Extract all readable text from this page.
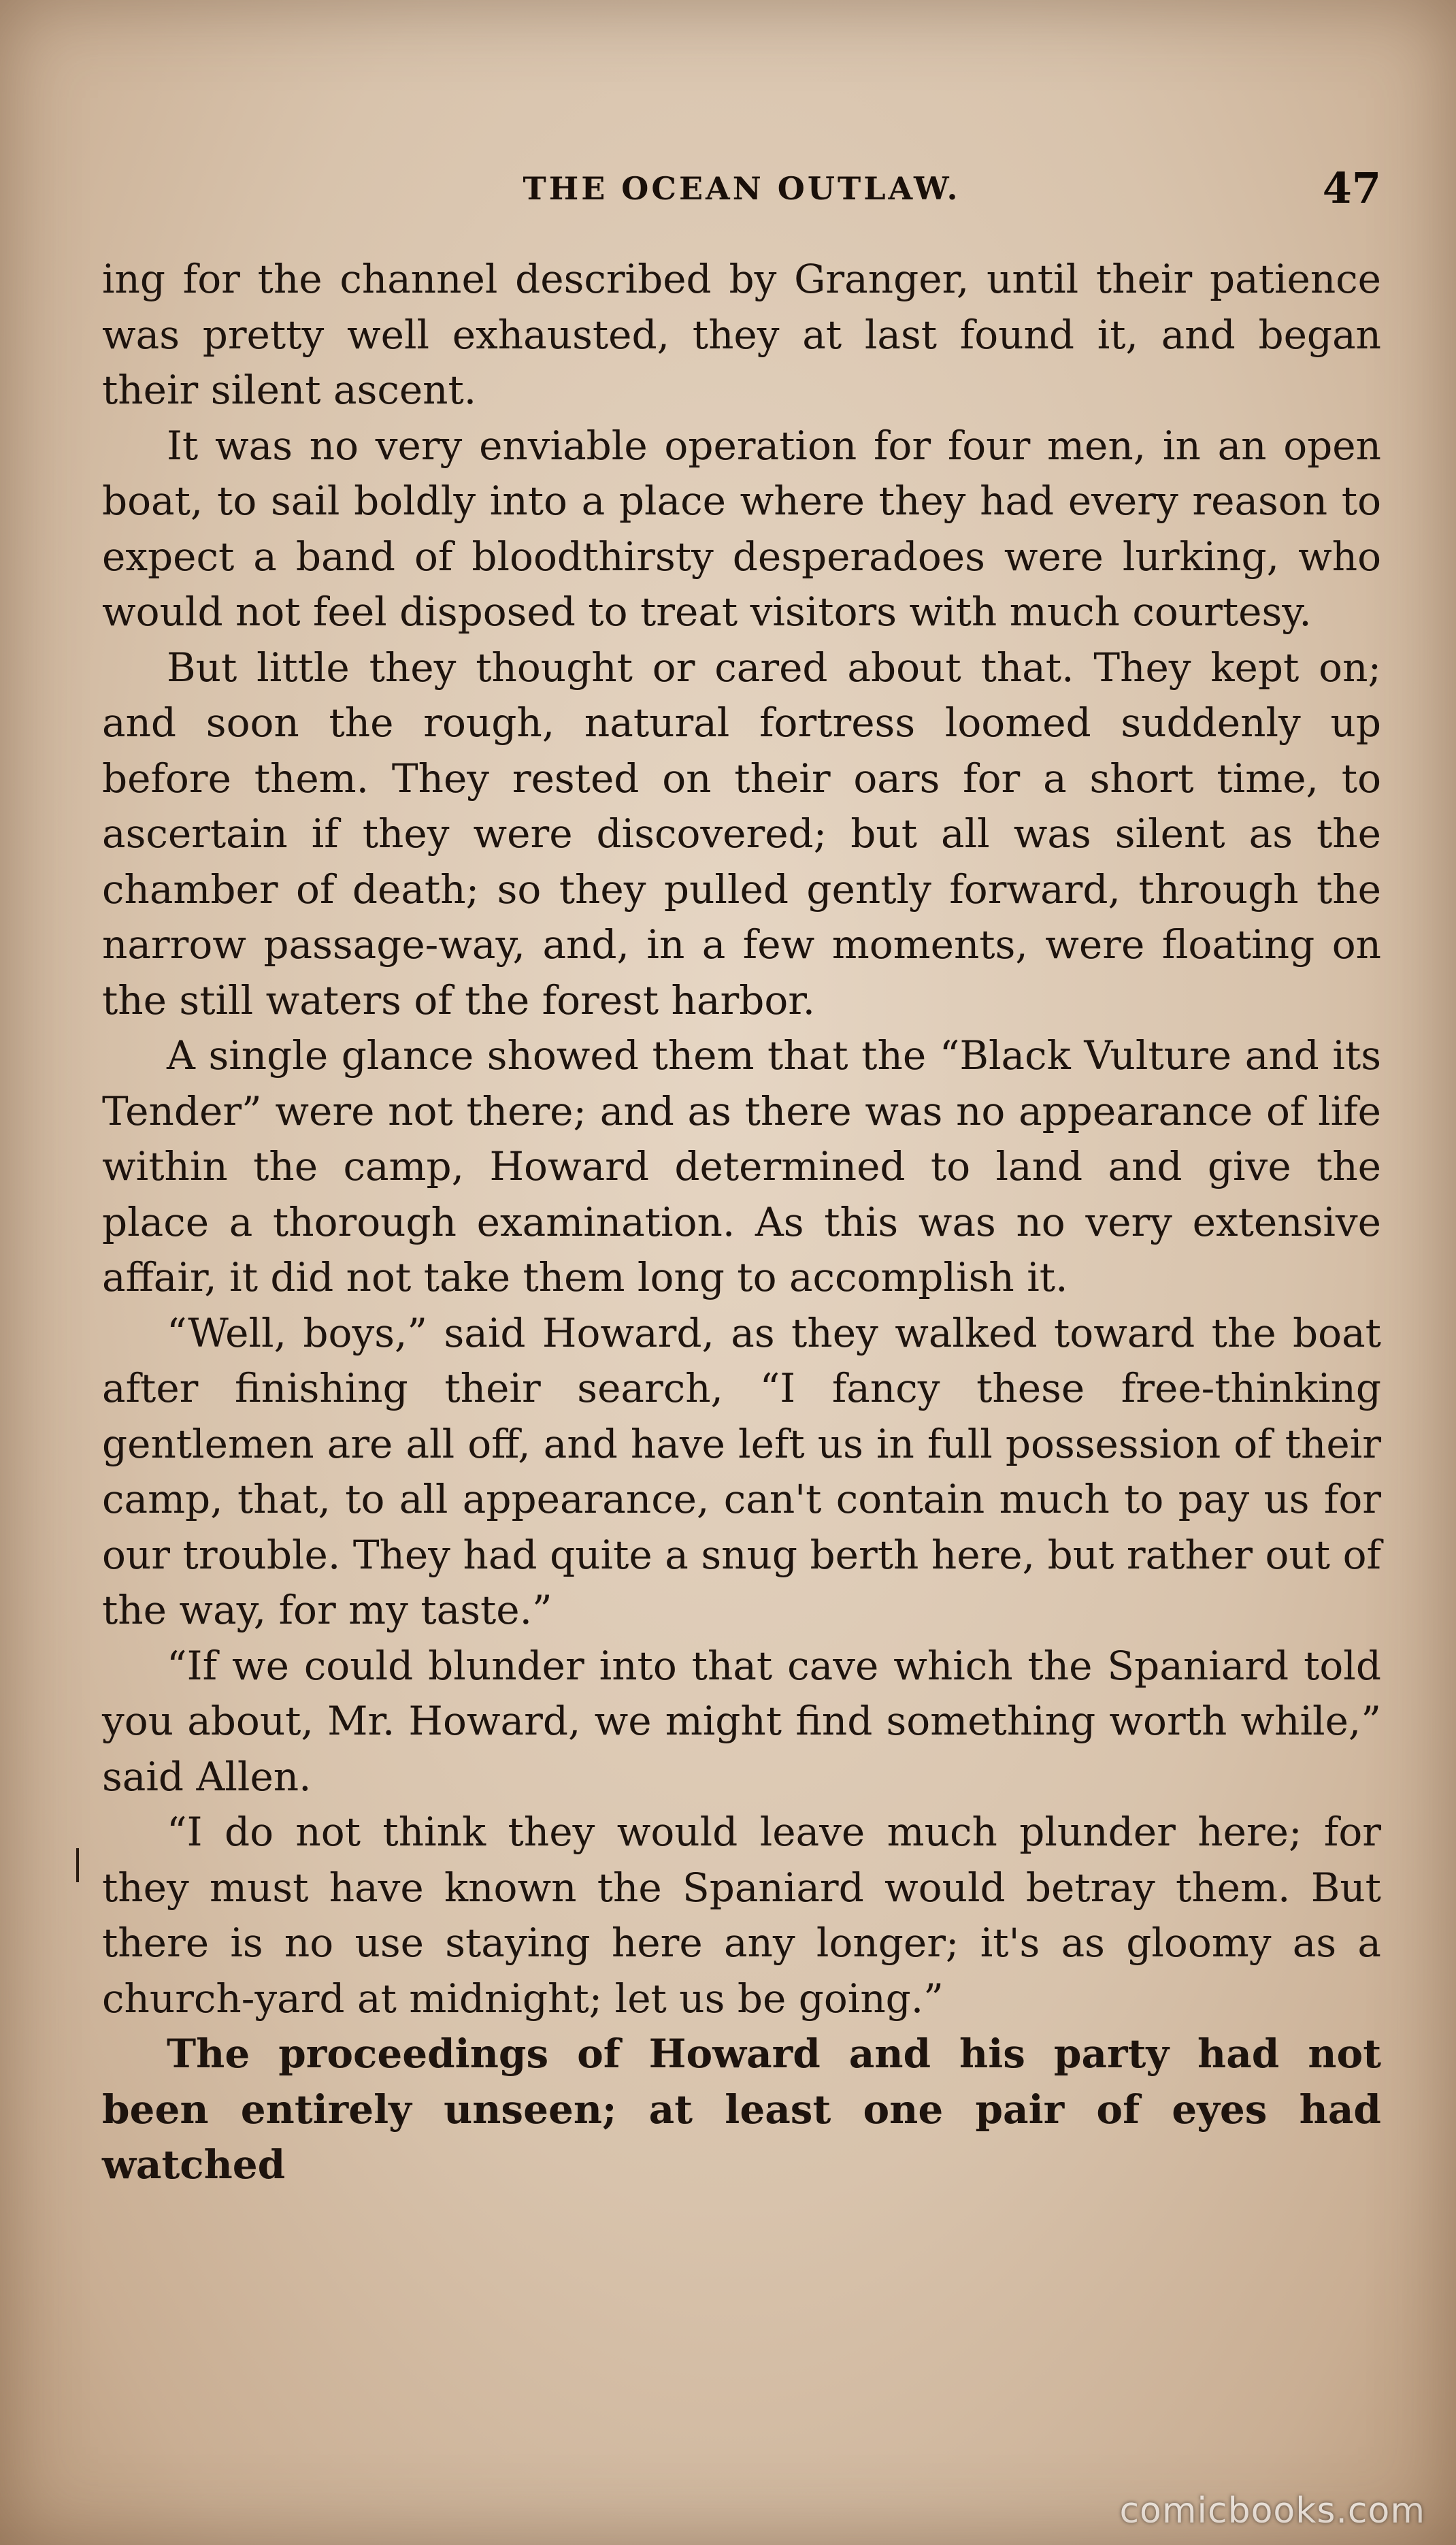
THE OCEAN OUTLAW.	47

ing for the channel described by Granger, until their patience was pretty well exhausted, they at last found it, and began their silent ascent.

It was no very enviable operation for four men, in an open boat, to sail boldly into a place where they had every reason to expect a band of bloodthirsty desperadoes were lurking, who would not feel disposed to treat visitors with much courtesy.

But little they thought or cared about that. They kept on; and soon the rough, natural fortress loomed suddenly up before them. They rested on their oars for a short time, to ascertain if they were discovered; but all was silent as the chamber of death; so they pulled gently forward, through the narrow passage-way, and, in a few moments, were floating on the still waters of the forest harbor.

A single glance showed them that the “Black Vulture and its Tender” were not there; and as there was no appearance of life within the camp, Howard determined to land and give the place a thorough examination. As this was no very extensive affair, it did not take them long to accomplish it.

“Well, boys,” said Howard, as they walked toward the boat after finishing their search, “I fancy these free-thinking gentlemen are all off, and have left us in full possession of their camp, that, to all appearance, can't contain much to pay us for our trouble. They had quite a snug berth here, but rather out of the way, for my taste.”

“If we could blunder into that cave which the Spaniard told you about, Mr. Howard, we might find something worth while,” said Allen.

“I do not think they would leave much plunder here; for they must have known the Spaniard would betray them. But there is no use staying here any longer; it's as gloomy as a church-yard at midnight; let us be going.”

The proceedings of Howard and his party had not been entirely unseen; at least one pair of eyes had watched

comicbooks.com
